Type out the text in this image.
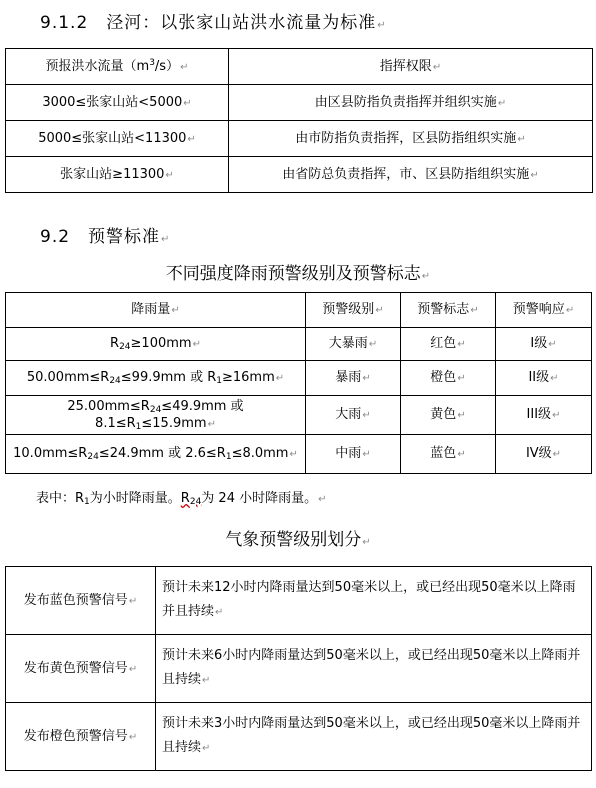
9.1.2　泾河：以张家山站洪水流量为标准↵
预报洪水流量$(m^3/s)↵$	指挥权限↵
3000≤张家山站<5000↵	由区县防指负责指挥并组织实施↵
5000≤张家山站<11300↵	由市防指负责指挥，区县防指组织实施↵
张家山站≥11300↵	由省防总负责指挥，市、区县防指组织实施↵
9.2　预警标准↵
不同强度降雨预警级别及预警标志↵
降雨量↵	预警级别↵	预警标志↵	预警响应↵
$R_{24}\ge 100mm↵$	大暴雨↵	红色↵	I级↵
$50.00mm\le R_{24}\le 99.9mm$ 或 $R_1\ge 16mm↵$	暴雨↵	橙色↵	II级↵
$25.00mm\le R_{24}\le 49.9mm$ 或 $8.1\le R_1\le 15.9mm↵$	大雨↵	黄色↵	III级↵
$10.0mm\le R_{24}\le 24.9mm$ 或 $2.6\le R_1\le 8.0mm↵$	中雨↵	蓝色↵	IV级↵
表中：$R_1$为小时降雨量。$R_{24}$为 24 小时降雨量。↵
气象预警级别划分↵
发布蓝色预警信号↵	预计未来12小时内降雨量达到50毫米以上，或已经出现50毫米以上降雨并且持续↵
发布黄色预警信号↵	预计未来6小时内降雨量达到50毫米以上，或已经出现50毫米以上降雨并且持续↵
发布橙色预警信号↵	预计未来3小时内降雨量达到50毫米以上，或已经出现50毫米以上降雨并且持续↵
